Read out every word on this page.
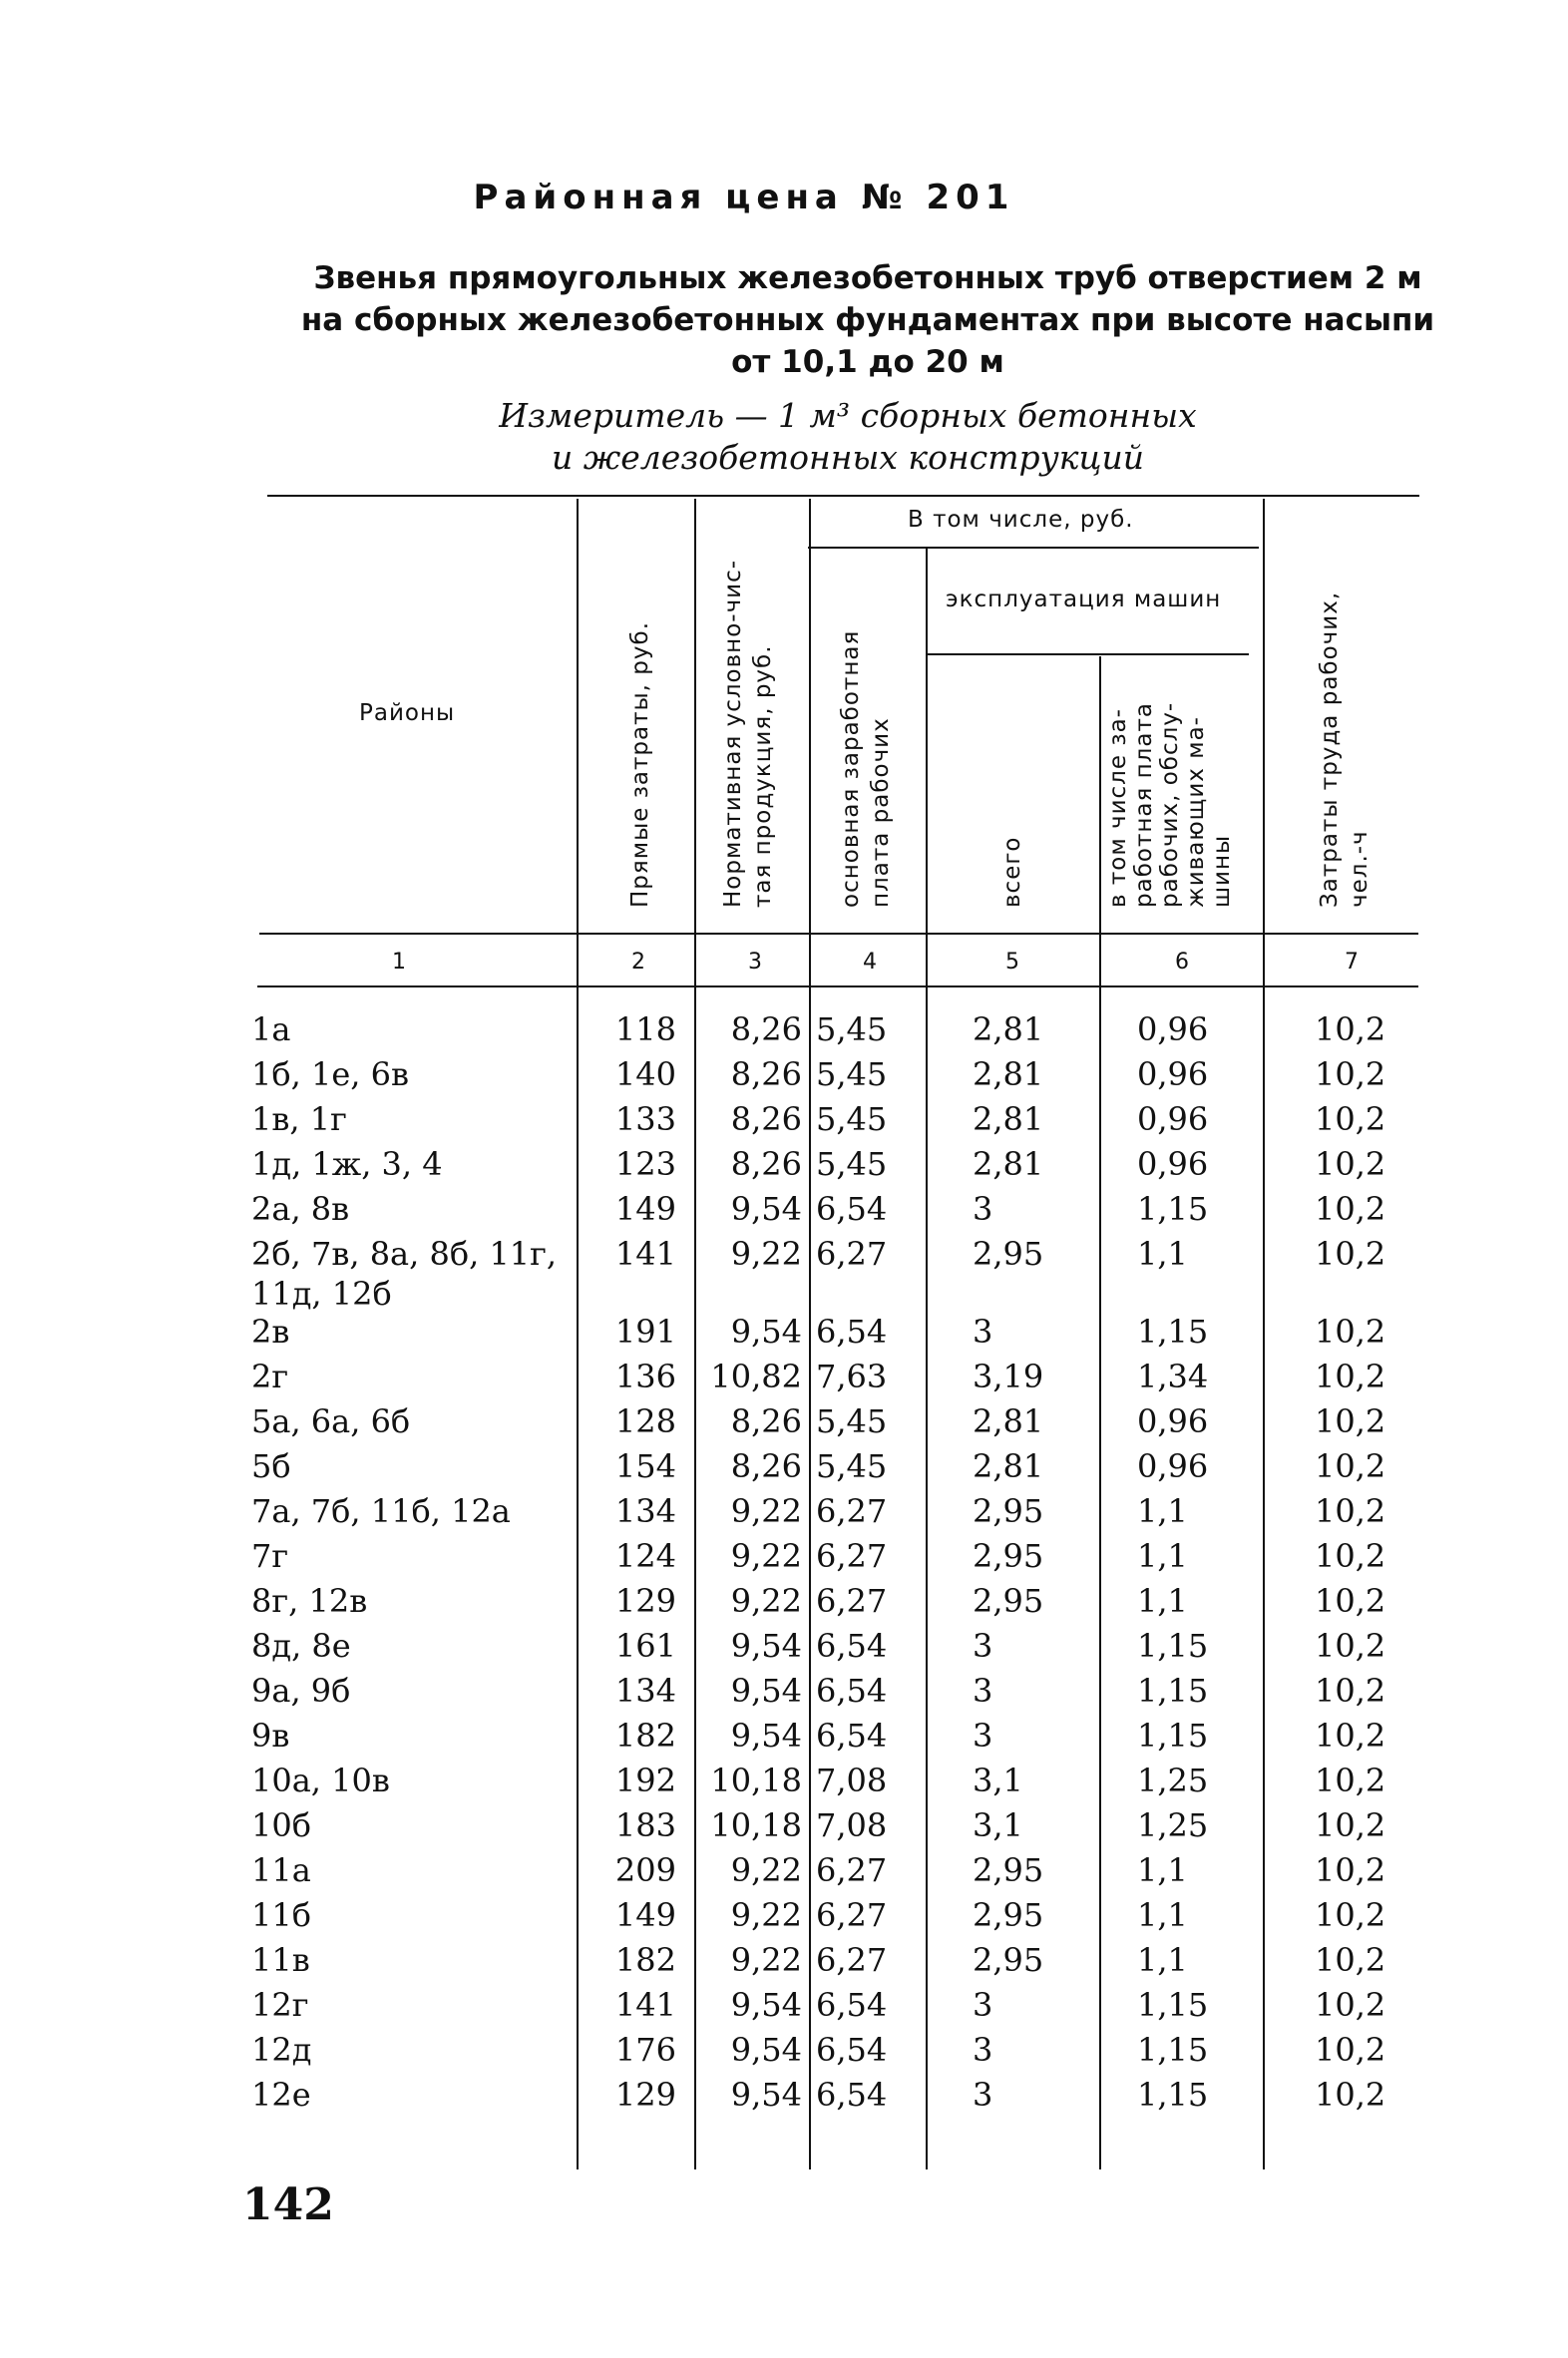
Районная цена № 201
Звенья прямоугольных железобетонных труб отверстием 2 м
на сборных железобетонных фундаментах при высоте насыпи
от 10,1 до 20 м
Измеритель — 1 м³ сборных бетонных
и железобетонных конструкций
Районы	Прямые затраты, руб.	Нормативная условно-чис- тая продукция, руб.
В том числе, руб.
основная заработная плата рабочих
эксплуатация машин
всего	в том числе за- работная плата рабочих, обслу- живающих ма- шины	Затраты труда рабочих, чел.-ч
1	2	3	4	5	6	7
1а	118	8,26 5,45	2,81	0,96	10,2
1б, 1е, 6в	140	8,26 5,45	2,81	0,96	10,2
1в, 1г	133	8,26 5,45	2,81	0,96	10,2
1д, 1ж, 3, 4	123	8,26 5,45	2,81	0,96	10,2
2а, 8в	149	9,54 6,54	3	1,15	10,2
2б, 7в, 8а, 8б, 11г, 11д, 12б
141	9,22 6,27	2,95	1,1	10,2
2в	191	9,54 6,54	3	1,15	10,2
2г	136	10,82 7,63	3,19	1,34	10,2
5а, 6а, 6б	128	8,26 5,45	2,81	0,96	10,2
5б	154	8,26 5,45	2,81	0,96	10,2
7а, 7б, 11б, 12а	134	9,22 6,27	2,95	1,1	10,2
7г	124	9,22 6,27	2,95	1,1	10,2
8г, 12в	129	9,22 6,27	2,95	1,1	10,2
8д, 8е	161	9,54 6,54	3	1,15	10,2
9а, 9б	134	9,54 6,54	3	1,15	10,2
9в	182	9,54 6,54	3	1,15	10,2
10а, 10в	192	10,18 7,08	3,1	1,25	10,2
10б	183	10,18 7,08	3,1	1,25	10,2
11а	209	9,22 6,27	2,95	1,1	10,2
11б	149	9,22 6,27	2,95	1,1	10,2
11в	182	9,22 6,27	2,95	1,1	10,2
12г	141	9,54 6,54	3	1,15	10,2
12д	176	9,54 6,54	3	1,15	10,2
12е	129	9,54 6,54	3	1,15	10,2
142
